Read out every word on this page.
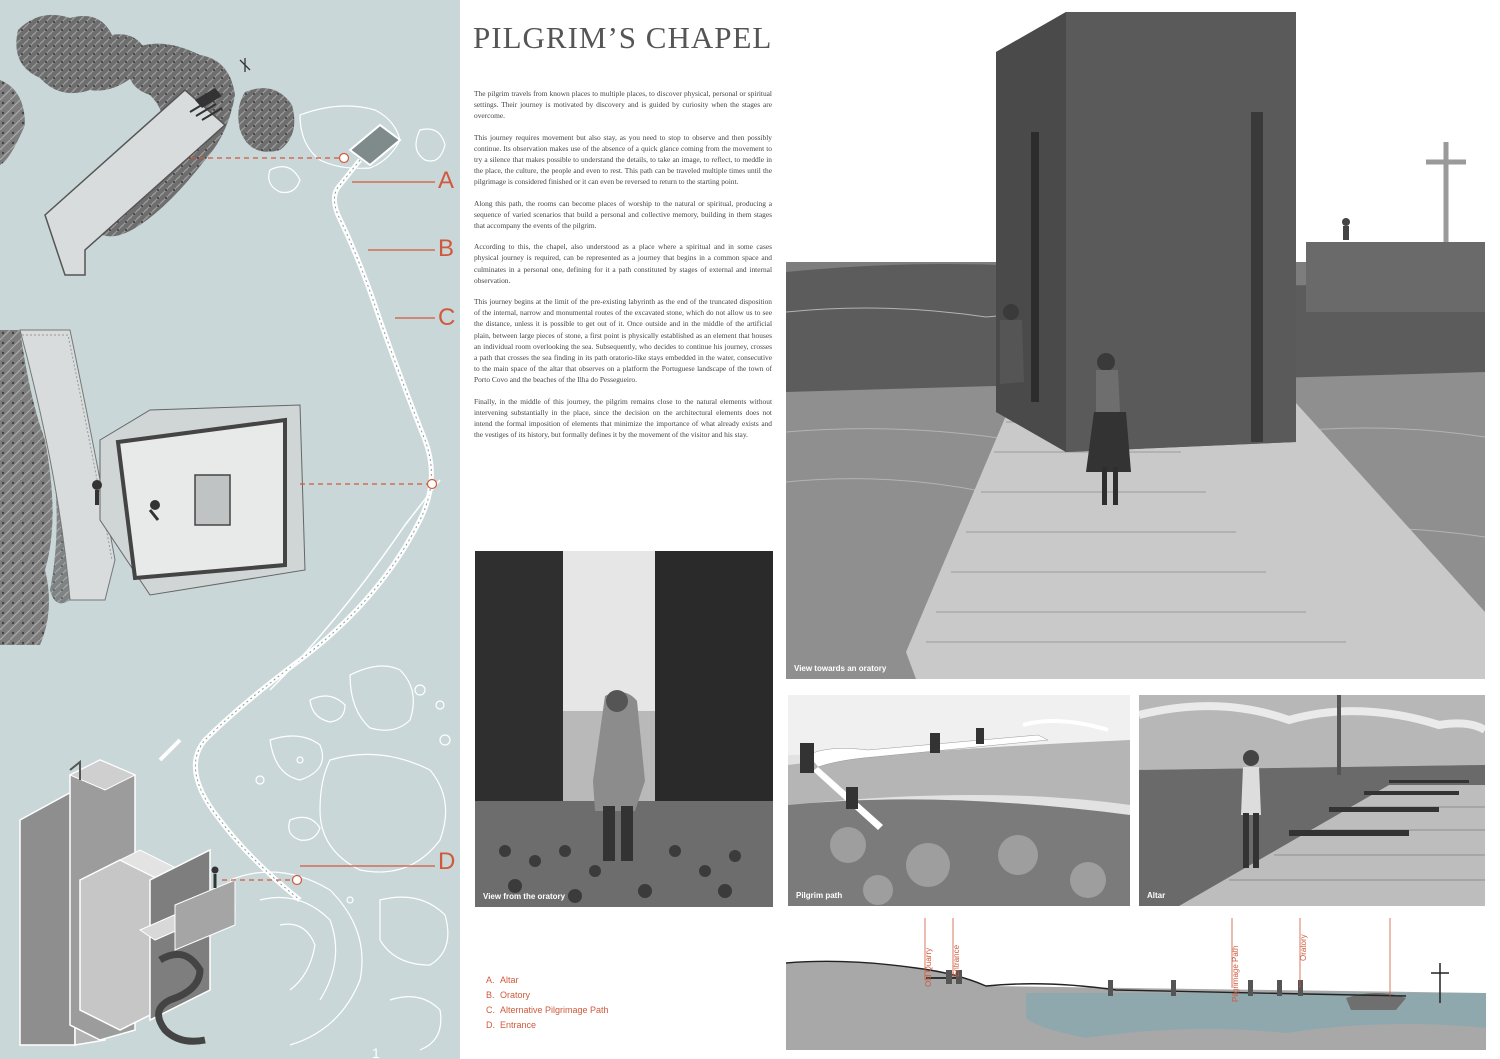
1
A
B
C
D
PILGRIM’S CHAPEL

The pilgrim travels from known places to multiple places, to discover physical, personal or spiritual settings. Their journey is motivated by discovery and is guided by curiosity when the stages are overcome.

This journey requires movement but also stay, as you need to stop to observe and then possibly continue. Its observation makes use of the absence of a quick glance coming from the movement to try a silence that makes possible to understand the details, to take an image, to reflect, to meddle in the place, the culture, the people and even to rest. This path can be traveled multiple times until the pilgrimage is considered finished or it can even be reversed to return to the starting point.

Along this path, the rooms can become places of worship to the natural or spiritual, producing a sequence of varied scenarios that build a personal and collective memory, building in them stages that accompany the events of the pilgrim.

According to this, the chapel, also understood as a place where a spiritual and in some cases physical journey is required, can be represented as a journey that begins in a common space and culminates in a personal one, defining for it a path constituted by stages of external and internal observation.

This journey begins at the limit of the pre-existing labyrinth as the end of the truncated disposition of the internal, narrow and monumental routes of the excavated stone, which do not allow us to see the distance, unless it is possible to get out of it. Once outside and in the middle of the artificial plain, between large pieces of stone, a first point is physically established as an element that houses an individual room overlooking the sea. Subsequently, who decides to continue his journey, crosses a path that crosses the sea finding in its path oratorio-like stays embedded in the water, consecutive to the main space of the altar that observes on a platform the Portuguese landscape of the town of Porto Covo and the beaches of the Ilha do Pessegueiro.

Finally, in the middle of this journey, the pilgrim remains close to the natural elements without intervening substantially in the place, since the decision on the architectural elements does not intend the formal imposition of elements that minimize the importance of what already exists and the vestiges of its history, but formally defines it by the movement of the visitor and his stay.

View from the oratory
View towards an oratory
Pilgrim path	Altar
A. Altar
B. Oratory
C. Alternative Pilgrimage Path
D. Entrance
Old Quarry Entrance	Pilgrimage Path	Oratory
